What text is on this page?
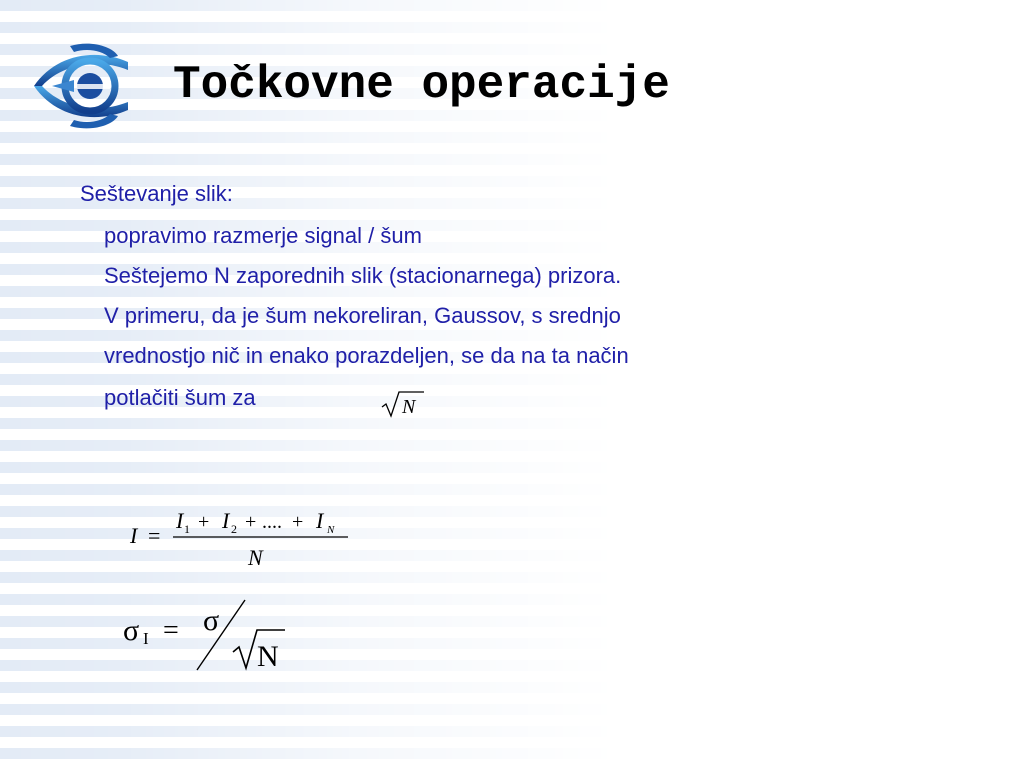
Točkovne operacije
Seštevanje slik:
popravimo razmerje signal / šum
Seštejemo N zaporednih slik (stacionarnega) prizora.
V primeru, da je šum nekoreliran, Gaussov, s srednjo
vrednostjo nič in enako porazdeljen, se da na ta način
potlačiti šum za	N
I =
I 1 + I 2 + .... + I N
N
σ I = σ
N
